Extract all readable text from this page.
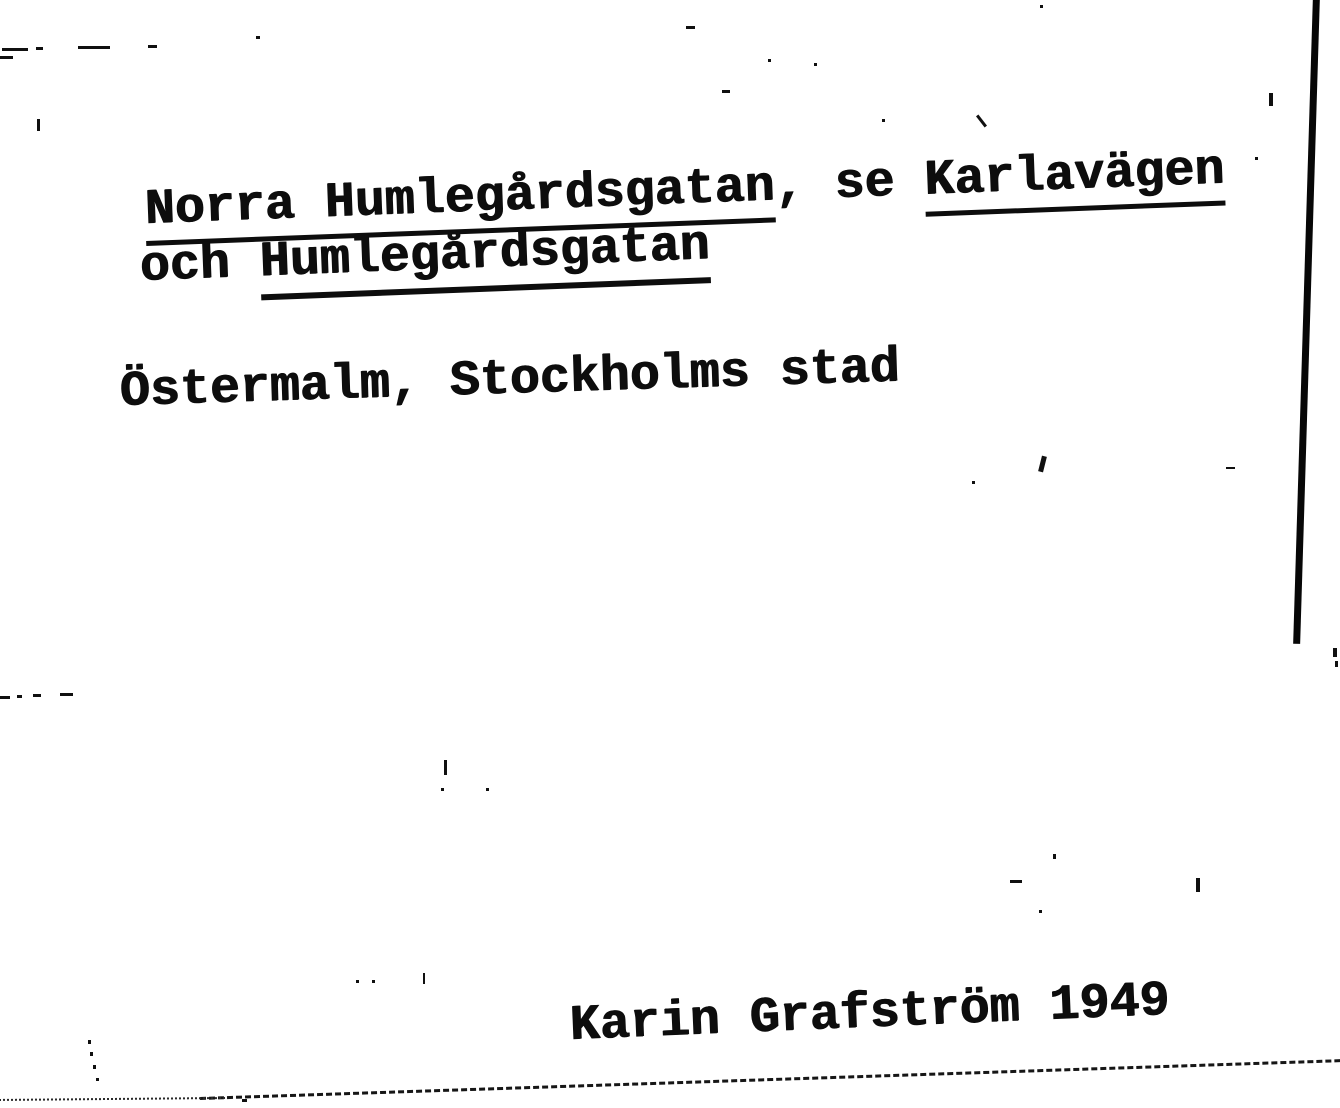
Norra Humlegårdsgatan, se Karlavägen
och Humlegårdsgatan
Östermalm, Stockholms stad
Karin Grafström 1949
